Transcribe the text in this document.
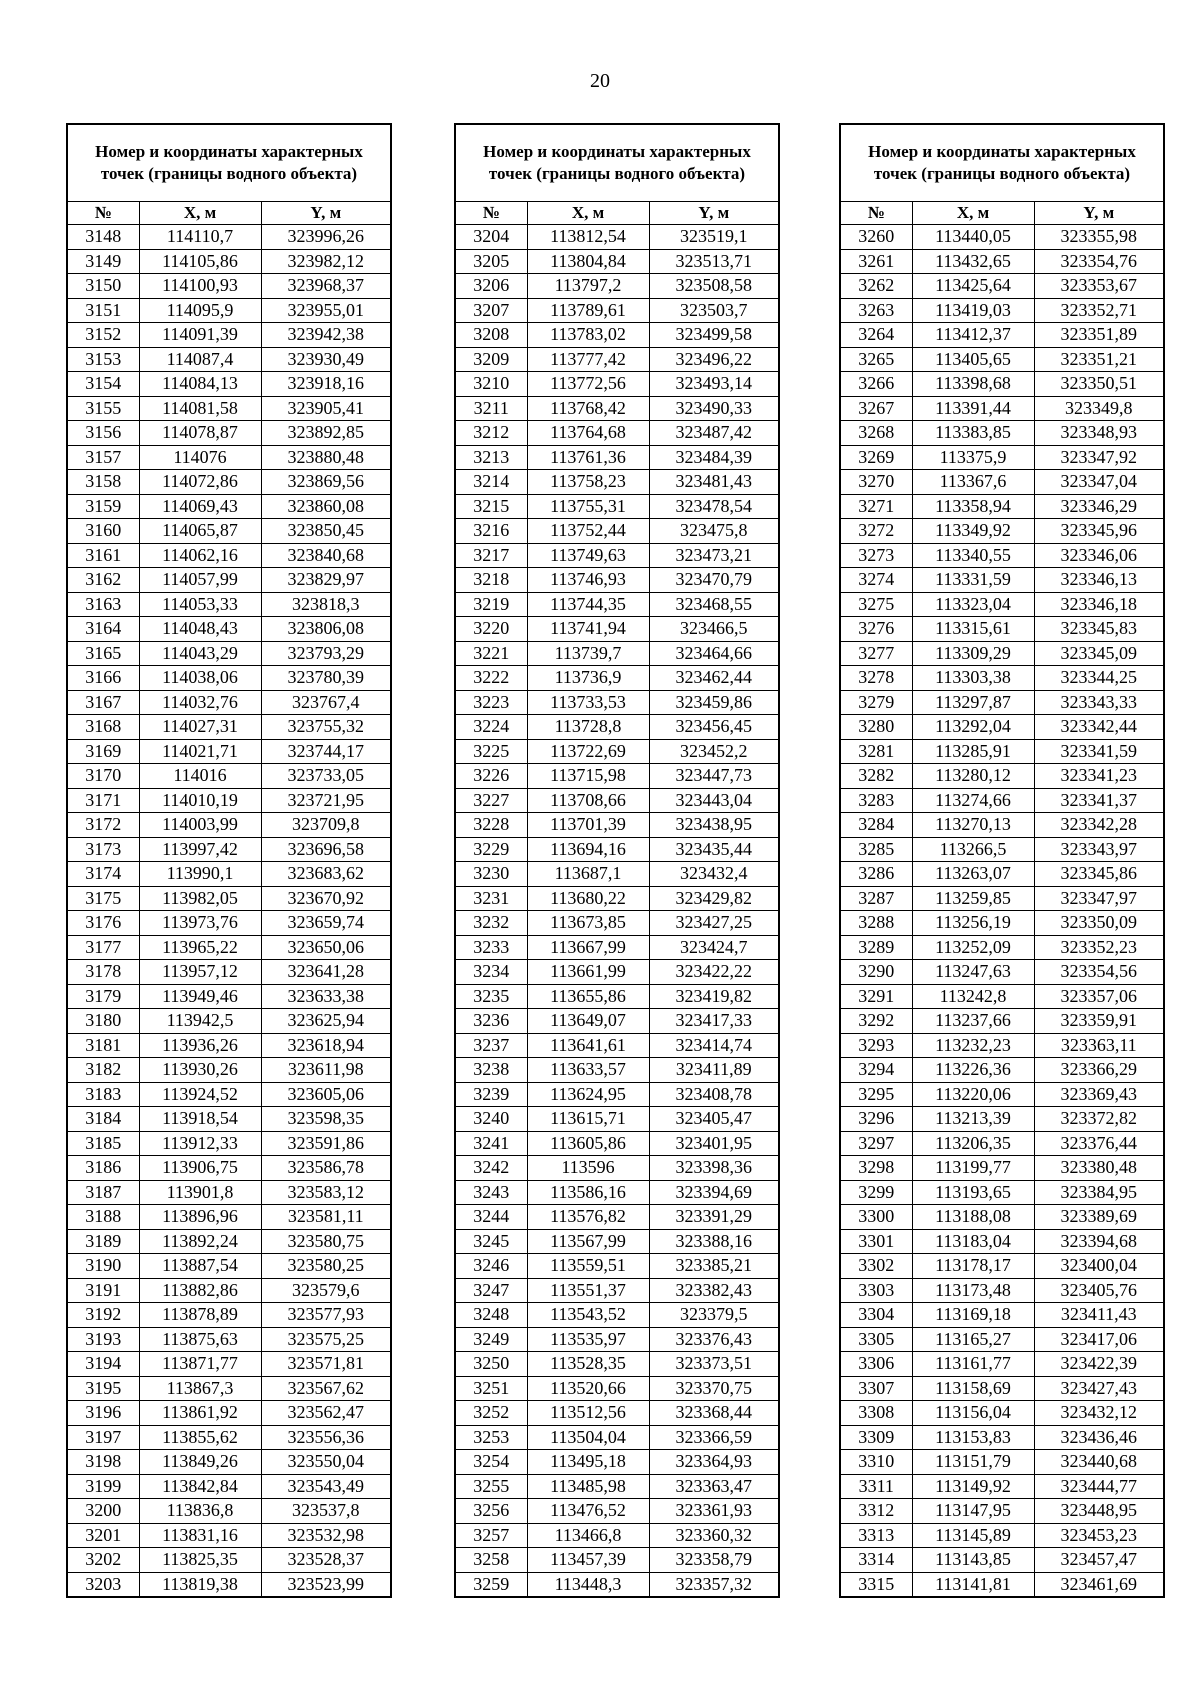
20
Номер и координаты характерных точек (границы водного объекта)		
№	X, м	Y, м
3148	114110,7	323996,26
3149	114105,86	323982,12
3150	114100,93	323968,37
3151	114095,9	323955,01
3152	114091,39	323942,38
3153	114087,4	323930,49
3154	114084,13	323918,16
3155	114081,58	323905,41
3156	114078,87	323892,85
3157	114076	323880,48
3158	114072,86	323869,56
3159	114069,43	323860,08
3160	114065,87	323850,45
3161	114062,16	323840,68
3162	114057,99	323829,97
3163	114053,33	323818,3
3164	114048,43	323806,08
3165	114043,29	323793,29
3166	114038,06	323780,39
3167	114032,76	323767,4
3168	114027,31	323755,32
3169	114021,71	323744,17
3170	114016	323733,05
3171	114010,19	323721,95
3172	114003,99	323709,8
3173	113997,42	323696,58
3174	113990,1	323683,62
3175	113982,05	323670,92
3176	113973,76	323659,74
3177	113965,22	323650,06
3178	113957,12	323641,28
3179	113949,46	323633,38
3180	113942,5	323625,94
3181	113936,26	323618,94
3182	113930,26	323611,98
3183	113924,52	323605,06
3184	113918,54	323598,35
3185	113912,33	323591,86
3186	113906,75	323586,78
3187	113901,8	323583,12
3188	113896,96	323581,11
3189	113892,24	323580,75
3190	113887,54	323580,25
3191	113882,86	323579,6
3192	113878,89	323577,93
3193	113875,63	323575,25
3194	113871,77	323571,81
3195	113867,3	323567,62
3196	113861,92	323562,47
3197	113855,62	323556,36
3198	113849,26	323550,04
3199	113842,84	323543,49
3200	113836,8	323537,8
3201	113831,16	323532,98
3202	113825,35	323528,37
3203	113819,38	323523,99
Номер и координаты характерных точек (границы водного объекта)		
№	X, м	Y, м
3204	113812,54	323519,1
3205	113804,84	323513,71
3206	113797,2	323508,58
3207	113789,61	323503,7
3208	113783,02	323499,58
3209	113777,42	323496,22
3210	113772,56	323493,14
3211	113768,42	323490,33
3212	113764,68	323487,42
3213	113761,36	323484,39
3214	113758,23	323481,43
3215	113755,31	323478,54
3216	113752,44	323475,8
3217	113749,63	323473,21
3218	113746,93	323470,79
3219	113744,35	323468,55
3220	113741,94	323466,5
3221	113739,7	323464,66
3222	113736,9	323462,44
3223	113733,53	323459,86
3224	113728,8	323456,45
3225	113722,69	323452,2
3226	113715,98	323447,73
3227	113708,66	323443,04
3228	113701,39	323438,95
3229	113694,16	323435,44
3230	113687,1	323432,4
3231	113680,22	323429,82
3232	113673,85	323427,25
3233	113667,99	323424,7
3234	113661,99	323422,22
3235	113655,86	323419,82
3236	113649,07	323417,33
3237	113641,61	323414,74
3238	113633,57	323411,89
3239	113624,95	323408,78
3240	113615,71	323405,47
3241	113605,86	323401,95
3242	113596	323398,36
3243	113586,16	323394,69
3244	113576,82	323391,29
3245	113567,99	323388,16
3246	113559,51	323385,21
3247	113551,37	323382,43
3248	113543,52	323379,5
3249	113535,97	323376,43
3250	113528,35	323373,51
3251	113520,66	323370,75
3252	113512,56	323368,44
3253	113504,04	323366,59
3254	113495,18	323364,93
3255	113485,98	323363,47
3256	113476,52	323361,93
3257	113466,8	323360,32
3258	113457,39	323358,79
3259	113448,3	323357,32
Номер и координаты характерных точек (границы водного объекта)		
№	X, м	Y, м
3260	113440,05	323355,98
3261	113432,65	323354,76
3262	113425,64	323353,67
3263	113419,03	323352,71
3264	113412,37	323351,89
3265	113405,65	323351,21
3266	113398,68	323350,51
3267	113391,44	323349,8
3268	113383,85	323348,93
3269	113375,9	323347,92
3270	113367,6	323347,04
3271	113358,94	323346,29
3272	113349,92	323345,96
3273	113340,55	323346,06
3274	113331,59	323346,13
3275	113323,04	323346,18
3276	113315,61	323345,83
3277	113309,29	323345,09
3278	113303,38	323344,25
3279	113297,87	323343,33
3280	113292,04	323342,44
3281	113285,91	323341,59
3282	113280,12	323341,23
3283	113274,66	323341,37
3284	113270,13	323342,28
3285	113266,5	323343,97
3286	113263,07	323345,86
3287	113259,85	323347,97
3288	113256,19	323350,09
3289	113252,09	323352,23
3290	113247,63	323354,56
3291	113242,8	323357,06
3292	113237,66	323359,91
3293	113232,23	323363,11
3294	113226,36	323366,29
3295	113220,06	323369,43
3296	113213,39	323372,82
3297	113206,35	323376,44
3298	113199,77	323380,48
3299	113193,65	323384,95
3300	113188,08	323389,69
3301	113183,04	323394,68
3302	113178,17	323400,04
3303	113173,48	323405,76
3304	113169,18	323411,43
3305	113165,27	323417,06
3306	113161,77	323422,39
3307	113158,69	323427,43
3308	113156,04	323432,12
3309	113153,83	323436,46
3310	113151,79	323440,68
3311	113149,92	323444,77
3312	113147,95	323448,95
3313	113145,89	323453,23
3314	113143,85	323457,47
3315	113141,81	323461,69
